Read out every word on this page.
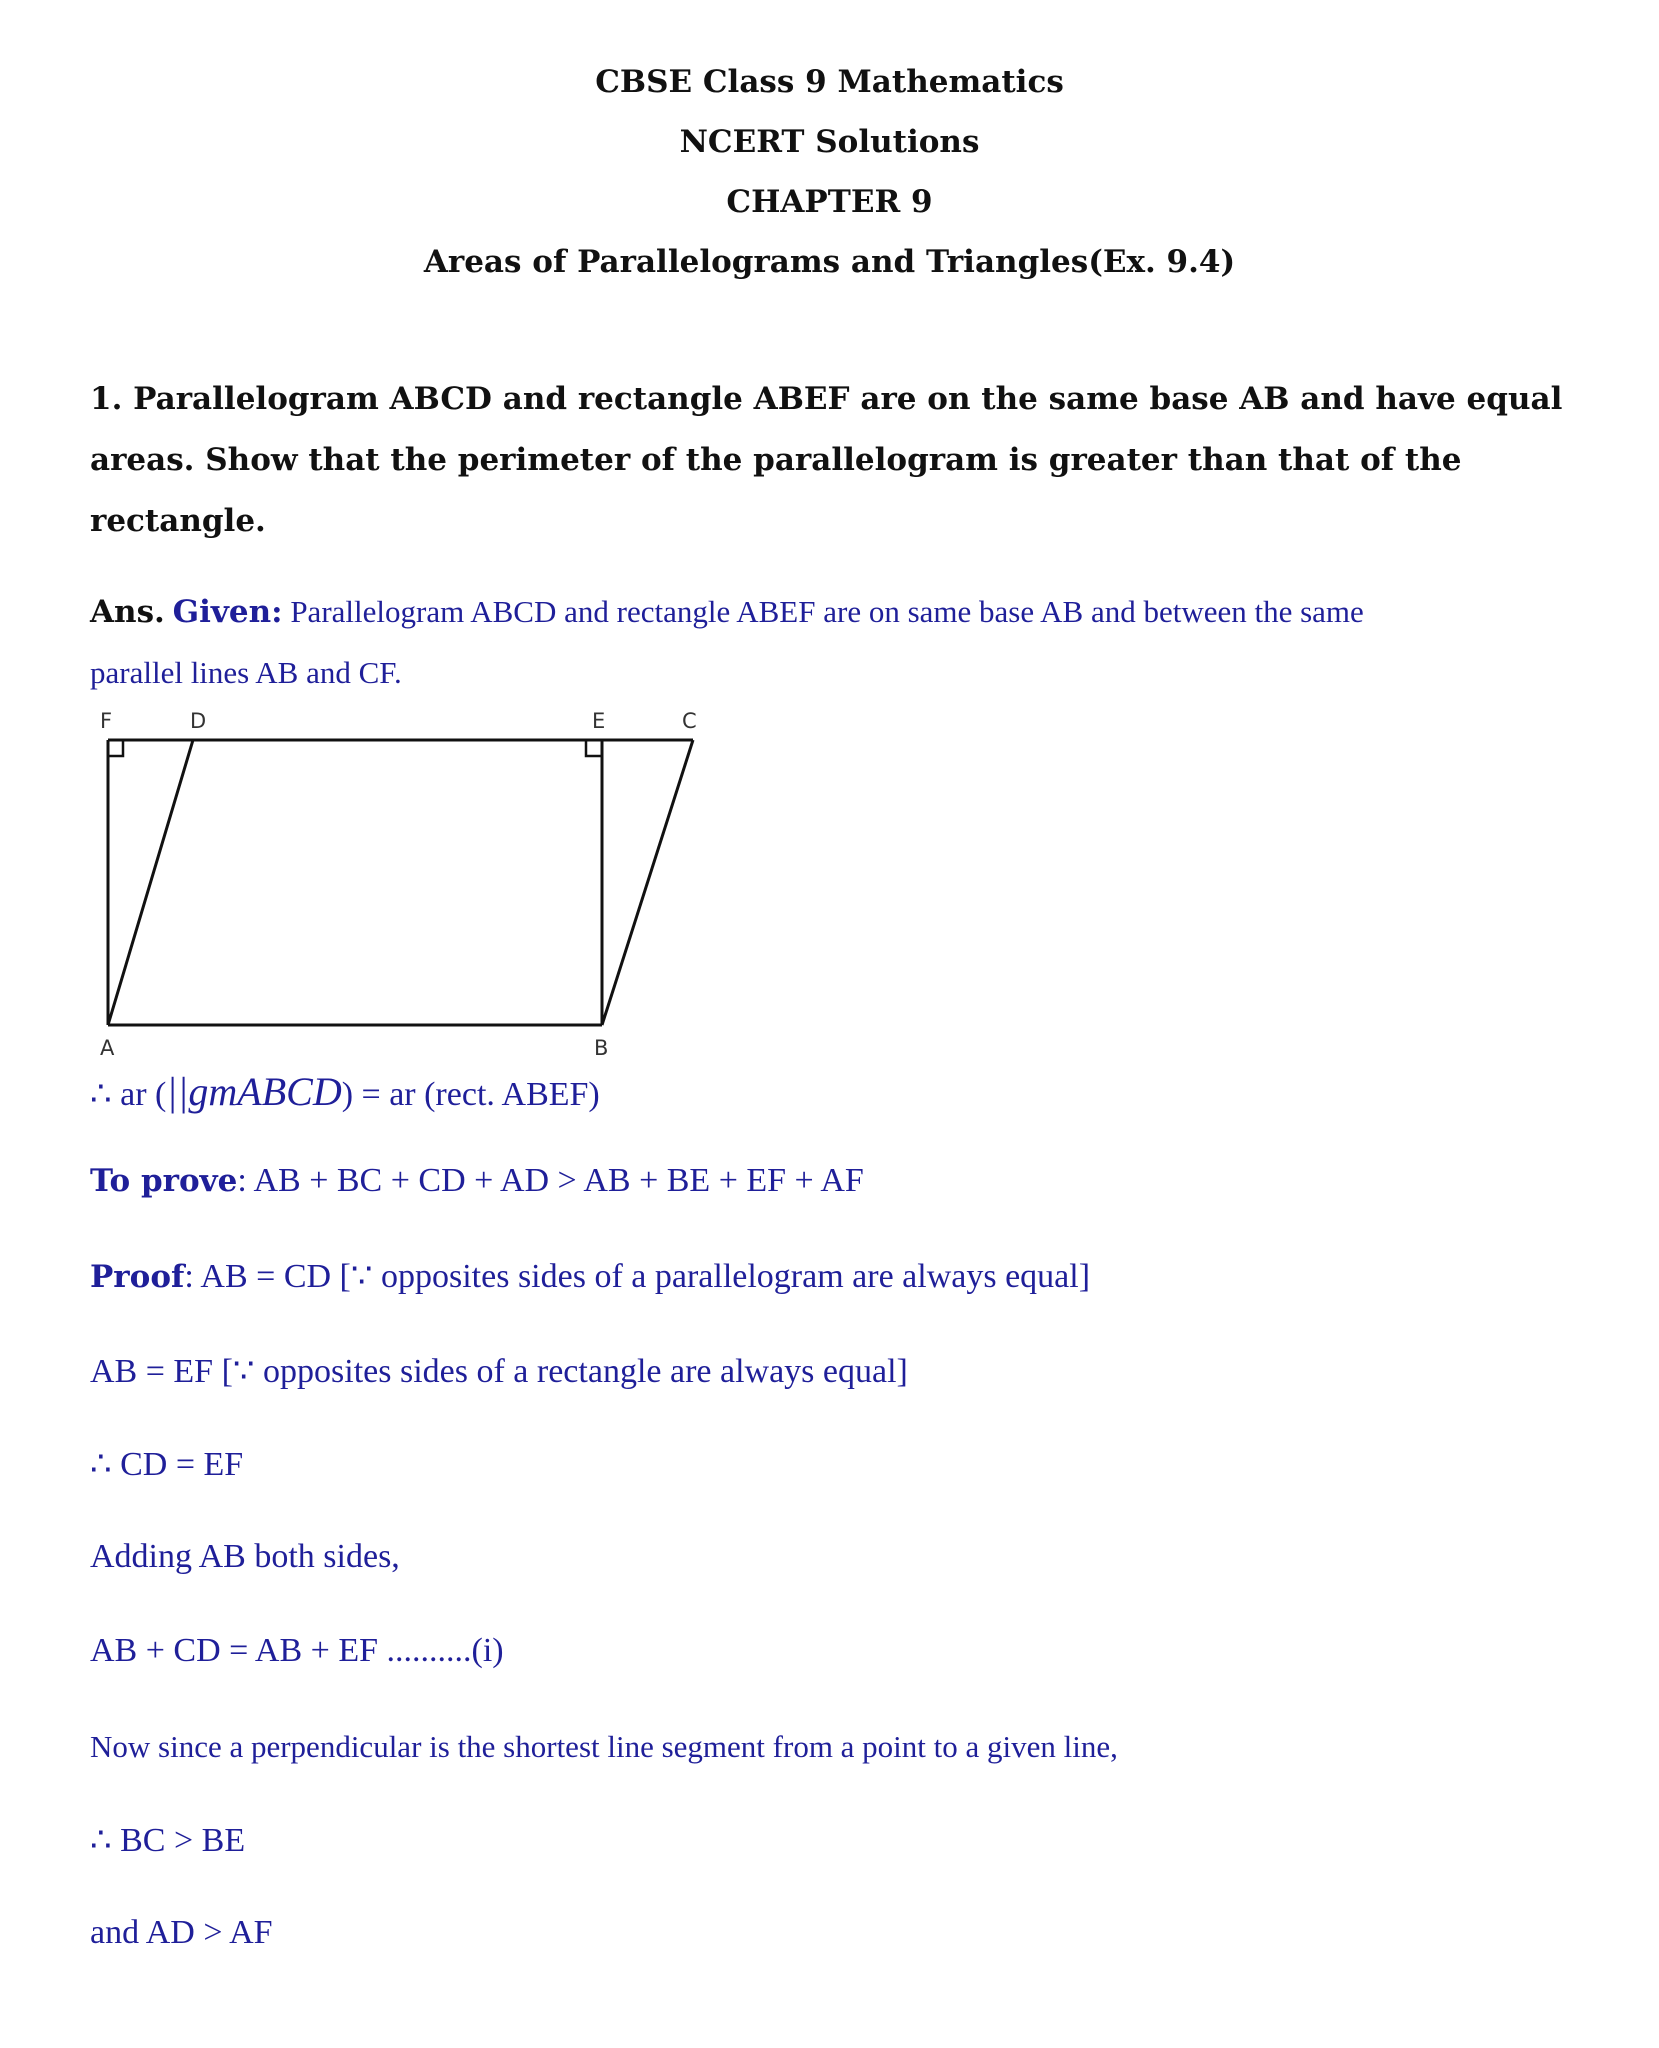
CBSE Class 9 Mathematics
NCERT Solutions
CHAPTER 9
Areas of Parallelograms and Triangles(Ex. 9.4)
1. Parallelogram ABCD and rectangle ABEF are on the same base AB and have equal
areas. Show that the perimeter of the parallelogram is greater than that of the
rectangle.
Ans. Given: Parallelogram ABCD and rectangle ABEF are on same base AB and between the same
parallel lines AB and CF.
F	D	E	C
A	B
∴ ar (||gmABCD) = ar (rect. ABEF)
To prove: AB + BC + CD + AD > AB + BE + EF + AF
Proof: AB = CD [∵ opposites sides of a parallelogram are always equal]
AB = EF [∵ opposites sides of a rectangle are always equal]
∴ CD = EF
Adding AB both sides,
AB + CD = AB + EF ..........(i)
Now since a perpendicular is the shortest line segment from a point to a given line,
∴ BC > BE
and AD > AF
